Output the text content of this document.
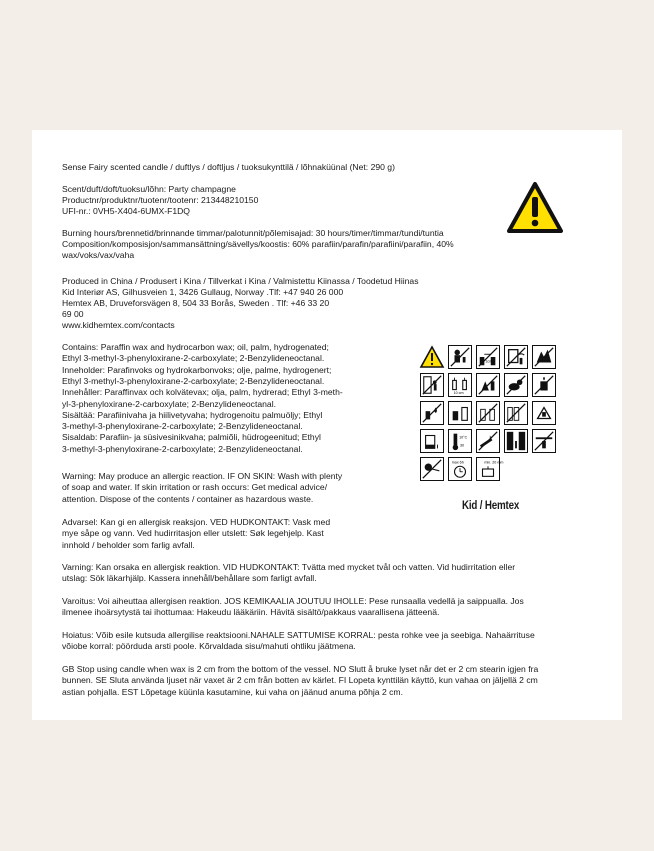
Sense Fairy scented candle / duftlys / doftljus / tuoksukynttilä / lõhnaküünal (Net: 290 g)

Scent/duft/doft/tuoksu/lõhn: Party champagne

Productnr/produktnr/tuotenr/tootenr: 213448210150

UFI-nr.: 0VH5-X404-6UMX-F1DQ

Burning hours/brennetid/brinnande timmar/palotunnit/põlemisajad: 30 hours/timer/timmar/tundi/tuntia

Composition/komposisjon/sammansättning/sävellys/koostis: 60% parafiin/parafin/parafiini/parafiin, 40%

wax/voks/vax/vaha

Produced in China / Produsert i Kina / Tillverkat i Kina / Valmistettu Kiinassa / Toodetud Hiinas

Kid Interiør AS, Gilhusveien 1, 3426 Gullaug, Norway .Tlf: +47 940 26 000

Hemtex AB, Druveforsvägen 8, 504 33 Borås, Sweden . Tlf: +46 33 20

69 00

www.kidhemtex.com/contacts

Contains: Paraffin wax and hydrocarbon wax; oil, palm, hydrogenated;

Ethyl 3-methyl-3-phenyloxirane-2-carboxylate; 2-Benzylideneoctanal.

Inneholder: Parafinvoks og hydrokarbonvoks; olje, palme, hydrogenert;

Ethyl 3-methyl-3-phenyloxirane-2-carboxylate; 2-Benzylideneoctanal.

Innehåller: Paraffinvax och kolvätevax; olja, palm, hydrerad; Ethyl 3-meth-

yl-3-phenyloxirane-2-carboxylate; 2-Benzylideneoctanal.

Sisältää: Parafiinivaha ja hiilivetyvaha; hydrogenoitu palmuöljy; Ethyl

3-methyl-3-phenyloxirane-2-carboxylate; 2-Benzylideneoctanal.

Sisaldab: Parafiin- ja süsivesinikvaha; palmiõli, hüdrogeenitud; Ethyl

3-methyl-3-phenyloxirane-2-carboxylate; 2-Benzylideneoctanal.

Warning: May produce an allergic reaction. IF ON SKIN: Wash with plenty

of soap and water. If skin irritation or rash occurs: Get medical advice/

attention. Dispose of the contents / container as hazardous waste.

Advarsel: Kan gi en allergisk reaksjon. VED HUDKONTAKT: Vask med

mye såpe og vann. Ved hudirritasjon eller utslett: Søk legehjelp. Kast

innhold / beholder som farlig avfall.

Varning: Kan orsaka en allergisk reaktion. VID HUDKONTAKT: Tvätta med mycket tvål och vatten. Vid hudirritation eller

utslag: Sök läkarhjälp. Kassera innehåll/behållare som farligt avfall.

Varoitus: Voi aiheuttaa allergisen reaktion. JOS KEMIKAALIA JOUTUU IHOLLE: Pese runsaalla vedellä ja saippualla. Jos

ilmenee ihoärsytystä tai ihottumaa: Hakeudu lääkäriin. Hävitä sisältö/pakkaus vaarallisena jätteenä.

Hoiatus: Võib esile kutsuda allergilise reaktsiooni.NAHALE SATTUMISE KORRAL: pesta rohke vee ja seebiga. Nahaärrituse

võiobe korral: pöörduda arsti poole. Kõrvaldada sisu/mahuti ohtliku jäätmena.

GB Stop using candle when wax is 2 cm from the bottom of the vessel. NO Slutt å bruke lyset når det er 2 cm stearin igjen fra

bunnen. SE Sluta använda ljuset när vaxet är 2 cm från botten av kärlet. FI Lopeta kynttilän käyttö, kun vahaa on jäljellä 2 cm

astian pohjalla. EST Lõpetage küünla kasutamine, kui vaha on jäänud anuma põhja 2 cm.

1cm
10 cm
10°C
30
max 6h	min. 20 mm
Kid / Hemtex
